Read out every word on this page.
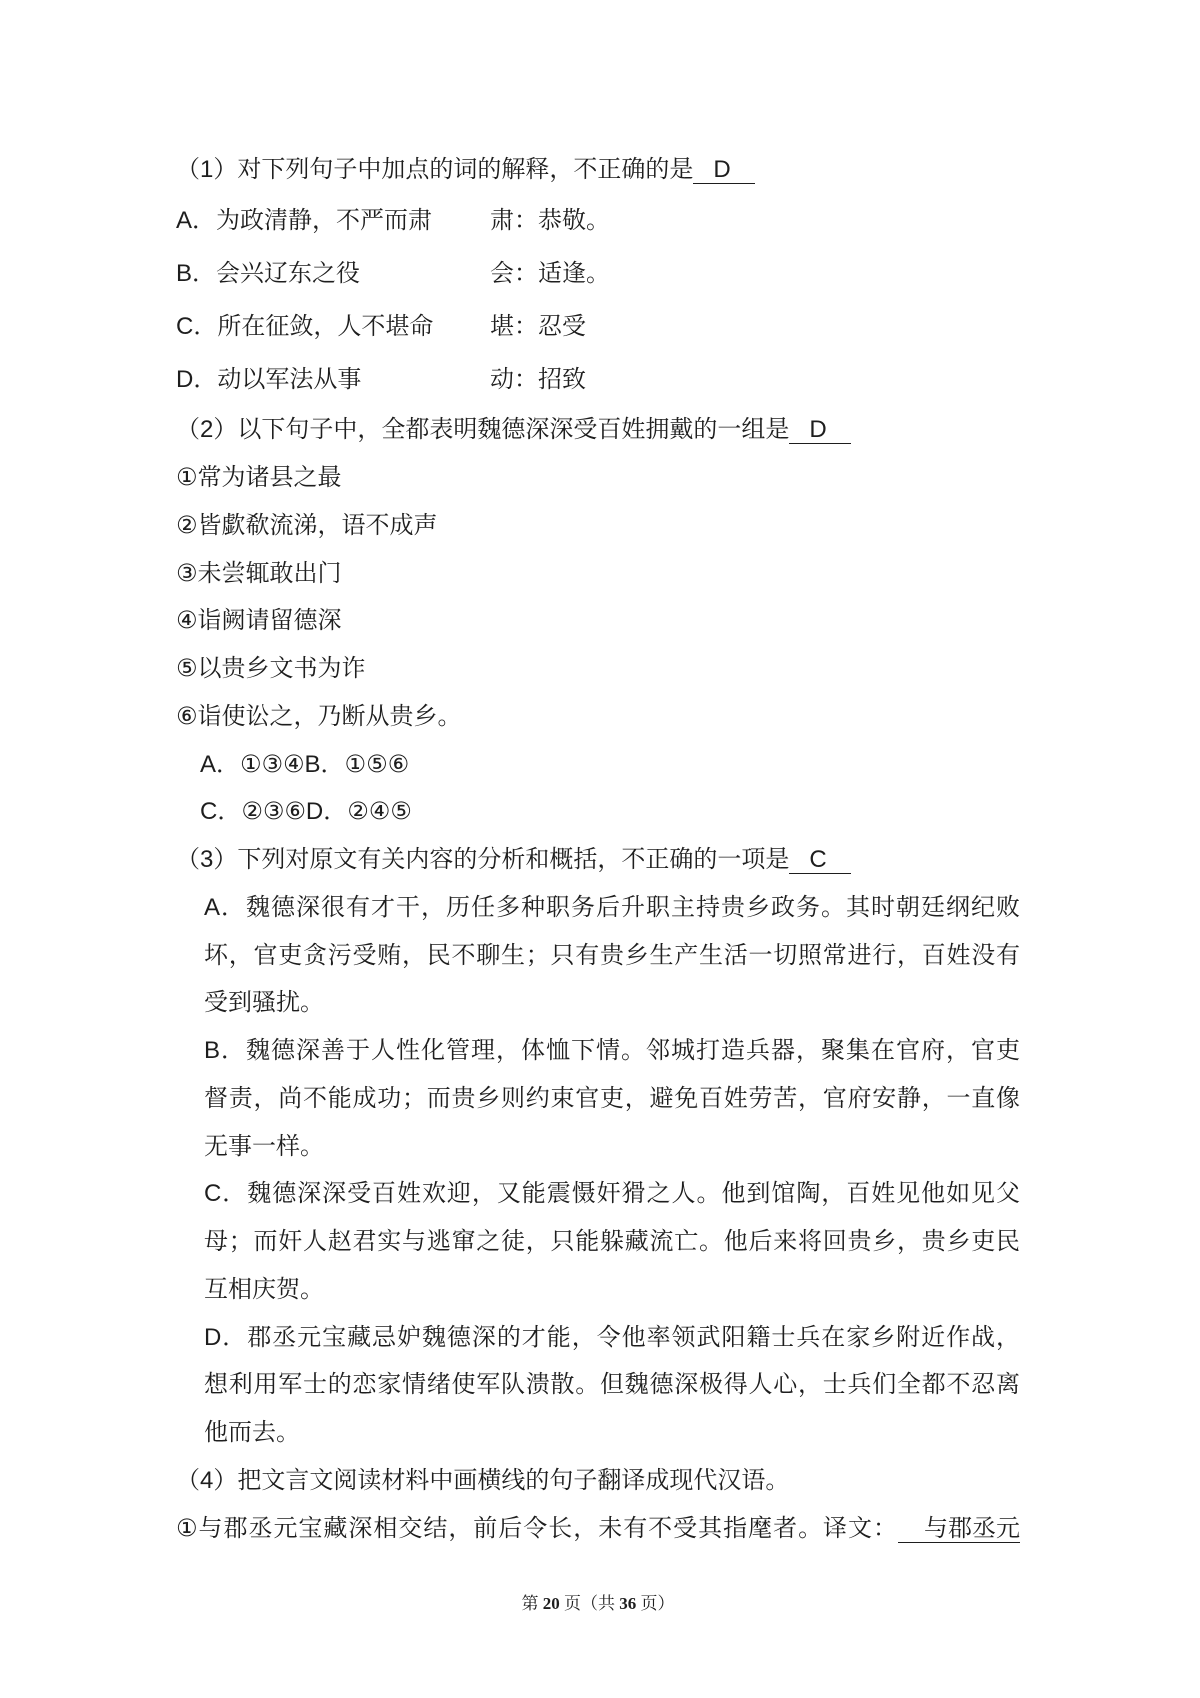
（1）对下列句子中加点的词的解释，不正确的是 D
A．为政清静，不严而肃 肃：恭敬。
B．会兴辽东之役	会：适逢。
C．所在征敛，人不堪命 堪：忍受
D．动以军法从事	动：招致
（2）以下句子中，全都表明魏德深深受百姓拥戴的一组是 D
①常为诸县之最
②皆歔欷流涕，语不成声
③未尝辄敢出门
④诣阙请留德深
⑤以贵乡文书为诈
⑥诣使讼之，乃断从贵乡。
A．①③④B．①⑤⑥
C．②③⑥D．②④⑤
（3）下列对原文有关内容的分析和概括，不正确的一项是 C
A．魏德深很有才干，历任多种职务后升职主持贵乡政务。其时朝廷纲纪败
坏，官吏贪污受贿，民不聊生；只有贵乡生产生活一切照常进行，百姓没有
受到骚扰。
B．魏德深善于人性化管理，体恤下情。邻城打造兵器，聚集在官府，官吏
督责，尚不能成功；而贵乡则约束官吏，避免百姓劳苦，官府安静，一直像
无事一样。
C．魏德深深受百姓欢迎，又能震慑奸猾之人。他到馆陶，百姓见他如见父
母；而奸人赵君实与逃窜之徒，只能躲藏流亡。他后来将回贵乡，贵乡吏民
互相庆贺。
D．郡丞元宝藏忌妒魏德深的才能，令他率领武阳籍士兵在家乡附近作战，
想利用军士的恋家情绪使军队溃散。但魏德深极得人心，士兵们全都不忍离
他而去。
（4）把文言文阅读材料中画横线的句子翻译成现代汉语。
①与郡丞元宝藏深相交结，前后令长，未有不受其指麾者。译文： 与郡丞元
第 20 页（共 36 页）
